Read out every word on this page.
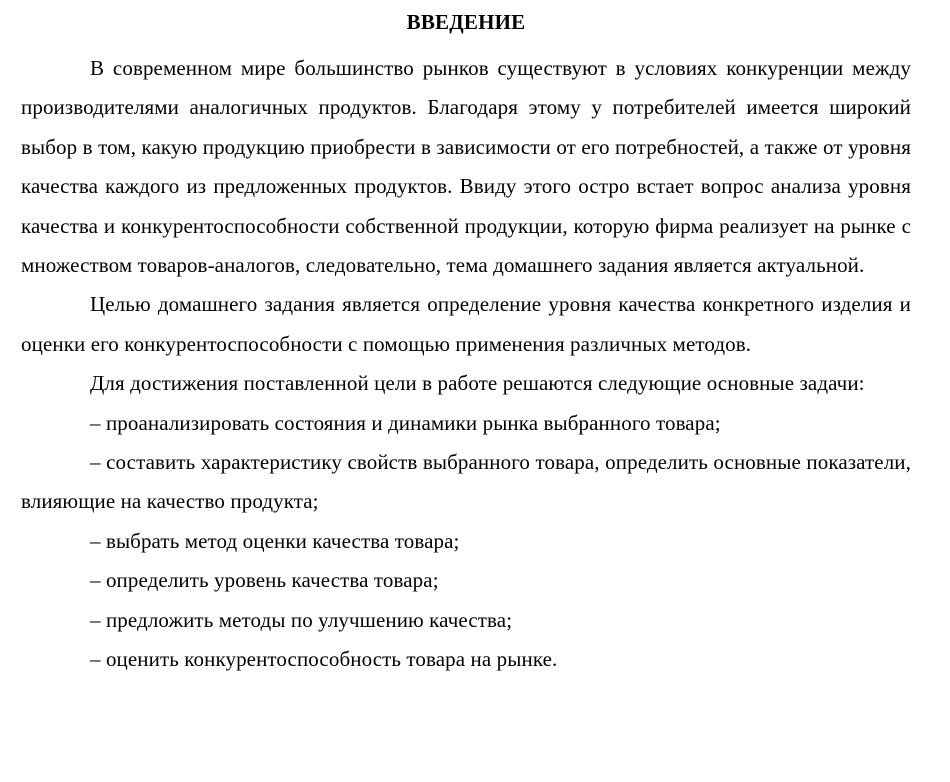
ВВЕДЕНИЕ

В современном мире большинство рынков существуют в условиях конкуренции между производителями аналогичных продуктов. Благодаря этому у потребителей имеется широкий выбор в том, какую продукцию приобрести в зависимости от его потребностей, а также от уровня качества каждого из предложенных продуктов. Ввиду этого остро встает вопрос анализа уровня качества и конкурентоспособности собственной продукции, которую фирма реализует на рынке с множеством товаров-аналогов, следовательно, тема домашнего задания является актуальной.

Целью домашнего задания является определение уровня качества конкретного изделия и оценки его конкурентоспособности с помощью применения различных методов.

Для достижения поставленной цели в работе решаются следующие основные задачи:

– проанализировать состояния и динамики рынка выбранного товара;
– составить характеристику свойств выбранного товара, определить основные показатели, влияющие на качество продукта;
– выбрать метод оценки качества товара;
– определить уровень качества товара;
– предложить методы по улучшению качества;
– оценить конкурентоспособность товара на рынке.
